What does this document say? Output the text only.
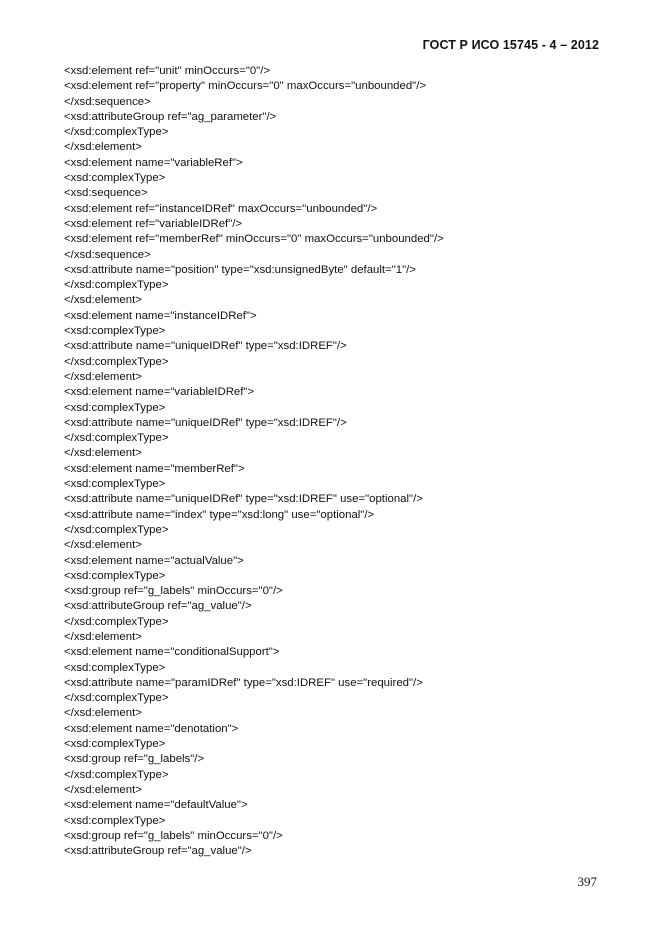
ГОСТ Р ИСО 15745 - 4 – 2012
<xsd:element ref="unit" minOccurs="0"/>
<xsd:element ref="property" minOccurs="0" maxOccurs="unbounded"/>
</xsd:sequence>
<xsd:attributeGroup ref="ag_parameter"/>
</xsd:complexType>
</xsd:element>
<xsd:element name="variableRef">
<xsd:complexType>
<xsd:sequence>
<xsd:element ref="instanceIDRef" maxOccurs="unbounded"/>
<xsd:element ref="variableIDRef"/>
<xsd:element ref="memberRef" minOccurs="0" maxOccurs="unbounded"/>
</xsd:sequence>
<xsd:attribute name="position" type="xsd:unsignedByte" default="1"/>
</xsd:complexType>
</xsd:element>
<xsd:element name="instanceIDRef">
<xsd:complexType>
<xsd:attribute name="uniqueIDRef" type="xsd:IDREF"/>
</xsd:complexType>
</xsd:element>
<xsd:element name="variableIDRef">
<xsd:complexType>
<xsd:attribute name="uniqueIDRef" type="xsd:IDREF"/>
</xsd:complexType>
</xsd:element>
<xsd:element name="memberRef">
<xsd:complexType>
<xsd:attribute name="uniqueIDRef" type="xsd:IDREF" use="optional"/>
<xsd:attribute name="index" type="xsd:long" use="optional"/>
</xsd:complexType>
</xsd:element>
<xsd:element name="actualValue">
<xsd:complexType>
<xsd:group ref="g_labels" minOccurs="0"/>
<xsd:attributeGroup ref="ag_value"/>
</xsd:complexType>
</xsd:element>
<xsd:element name="conditionalSupport">
<xsd:complexType>
<xsd:attribute name="paramIDRef" type="xsd:IDREF" use="required"/>
</xsd:complexType>
</xsd:element>
<xsd:element name="denotation">
<xsd:complexType>
<xsd:group ref="g_labels"/>
</xsd:complexType>
</xsd:element>
<xsd:element name="defaultValue">
<xsd:complexType>
<xsd:group ref="g_labels" minOccurs="0"/>
<xsd:attributeGroup ref="ag_value"/>
397
